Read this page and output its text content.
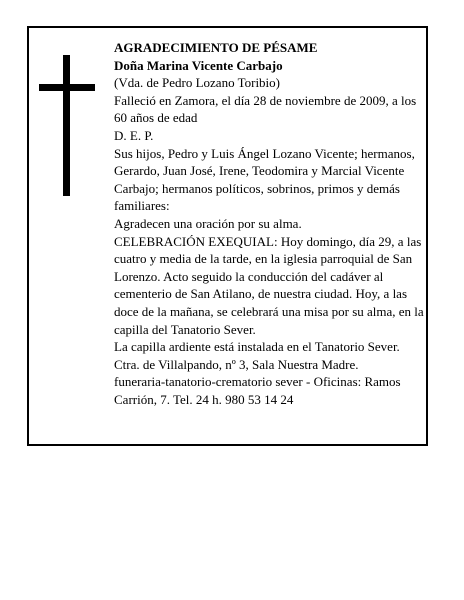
AGRADECIMIENTO DE PÉSAME

Doña Marina Vicente Carbajo

(Vda. de Pedro Lozano Toribio)

Falleció en Zamora, el día 28 de noviembre de 2009, a los 60 años de edad

D. E. P.

Sus hijos, Pedro y Luis Ángel Lozano Vicente; hermanos, Gerardo, Juan José, Irene, Teodomira y Marcial Vicente Carbajo; hermanos políticos, sobrinos, primos y demás familiares:

Agradecen una oración por su alma.

CELEBRACIÓN EXEQUIAL: Hoy domingo, día 29, a las cuatro y media de la tarde, en la iglesia parroquial de San Lorenzo. Acto seguido la conducción del cadáver al cementerio de San Atilano, de nuestra ciudad. Hoy, a las doce de la mañana, se celebrará una misa por su alma, en la capilla del Tanatorio Sever.

La capilla ardiente está instalada en el Tanatorio Sever. Ctra. de Villalpando, nº 3, Sala Nuestra Madre.

funeraria-tanatorio-crematorio sever - Oficinas: Ramos Carrión, 7. Tel. 24 h. 980 53 14 24
